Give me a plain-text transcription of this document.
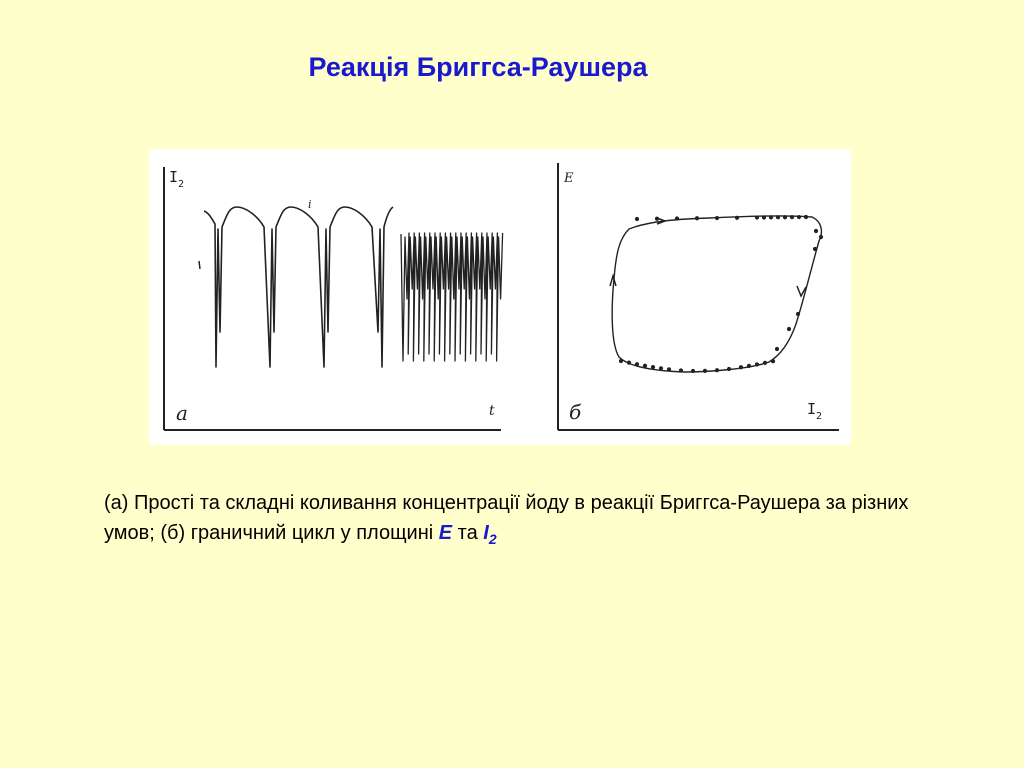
Реакція Бриггса-Раушера
I 2
a	t
i
E
б	I 2
(а) Прості та складні коливання концентрації йоду в реакції Бриггса-Раушера за різних умов; (б) граничний цикл у площині E та $I_2$
